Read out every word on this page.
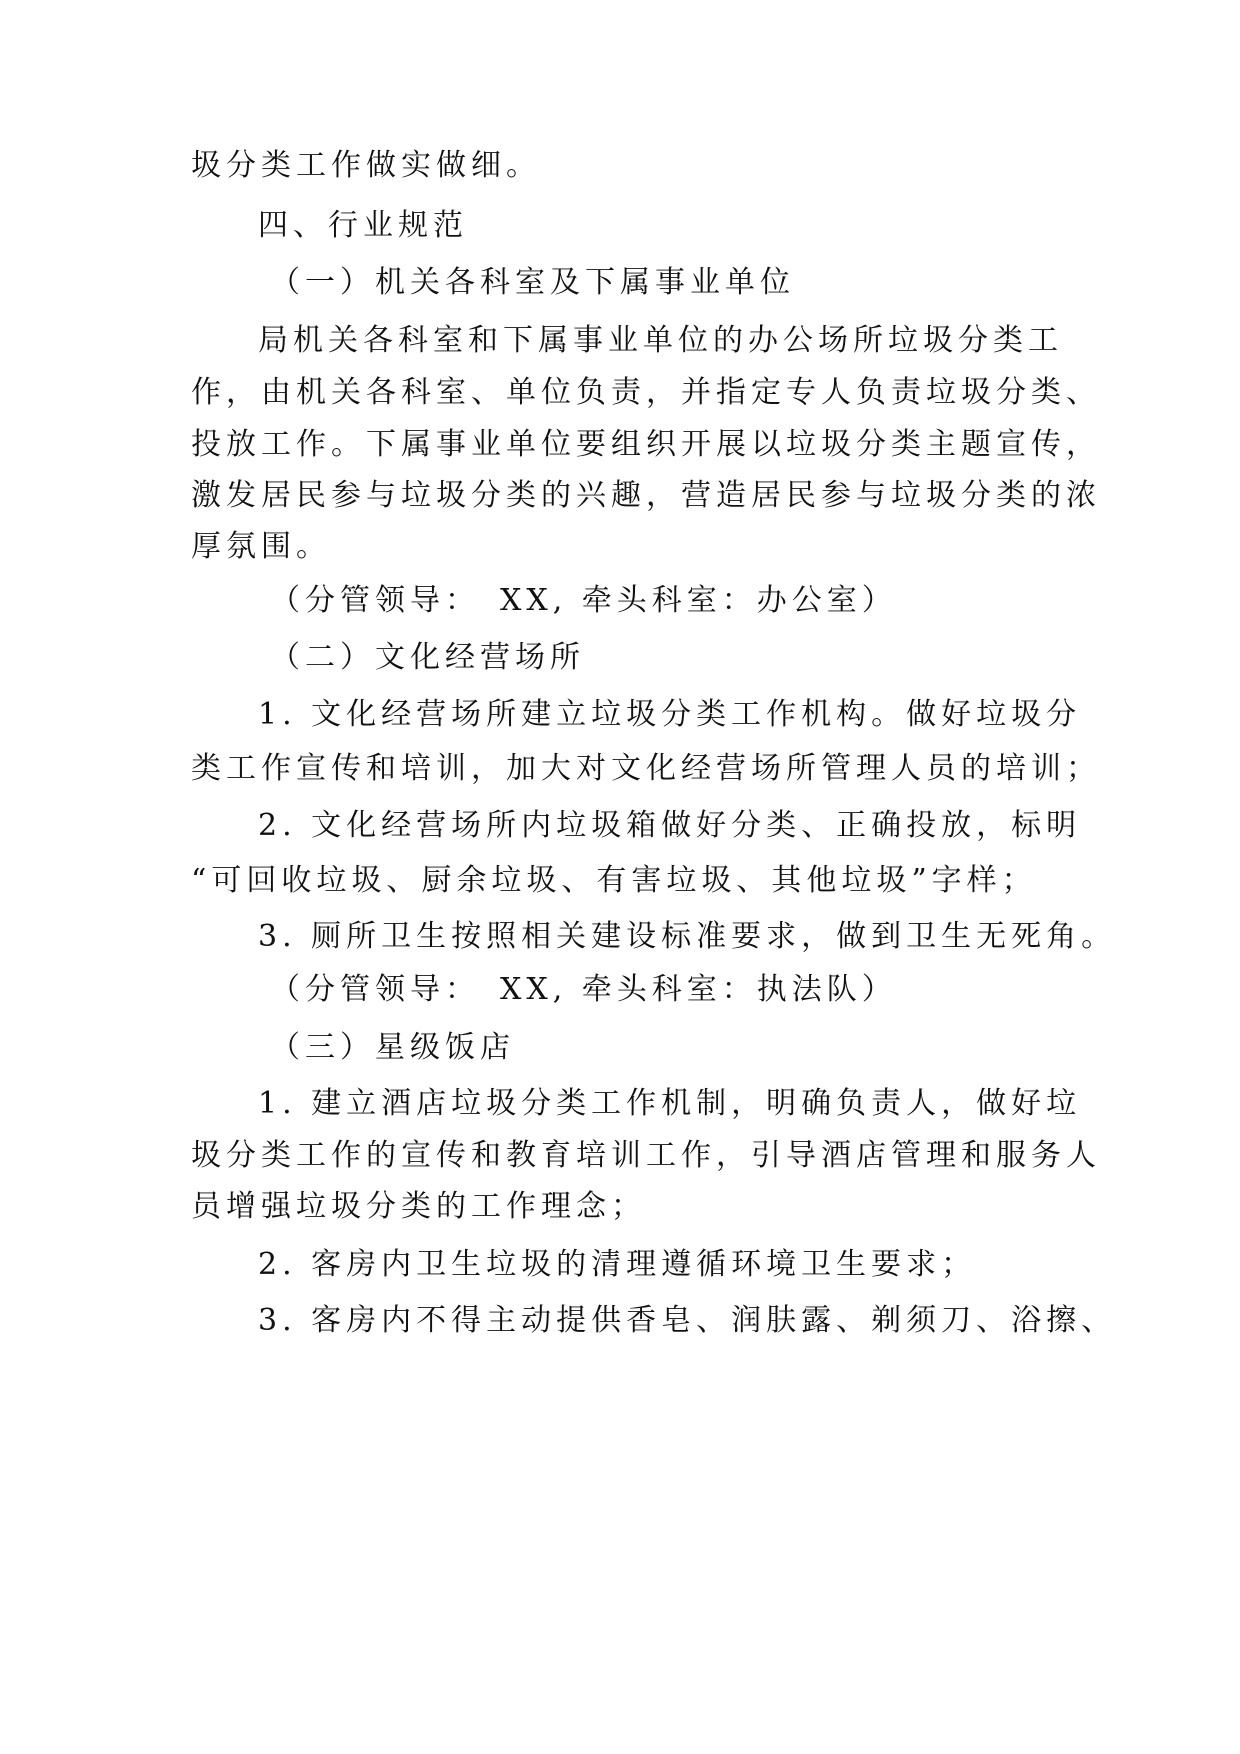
圾分类工作做实做细。
四、行业规范
（一）机关各科室及下属事业单位
局机关各科室和下属事业单位的办公场所垃圾分类工
作，由机关各科室、单位负责，并指定专人负责垃圾分类、
投放工作。下属事业单位要组织开展以垃圾分类主题宣传，
激发居民参与垃圾分类的兴趣，营造居民参与垃圾分类的浓
厚氛围。
（分管领导：　XX, 牵头科室：办公室）
（二）文化经营场所
1. 文化经营场所建立垃圾分类工作机构。做好垃圾分
类工作宣传和培训，加大对文化经营场所管理人员的培训；
2. 文化经营场所内垃圾箱做好分类、正确投放，标明
“可回收垃圾、厨余垃圾、有害垃圾、其他垃圾”字样；
3. 厕所卫生按照相关建设标准要求，做到卫生无死角。
（分管领导：　XX, 牵头科室：执法队）
（三）星级饭店
1. 建立酒店垃圾分类工作机制，明确负责人，做好垃
圾分类工作的宣传和教育培训工作，引导酒店管理和服务人
员增强垃圾分类的工作理念；
2. 客房内卫生垃圾的清理遵循环境卫生要求；
3. 客房内不得主动提供香皂、润肤露、剃须刀、浴擦、
